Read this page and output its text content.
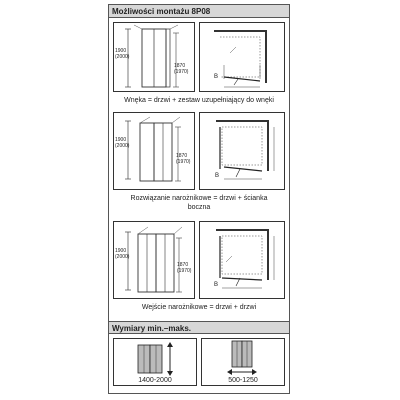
Możliwości montażu 8P08
1900
(2000)
1870
(1970)
B
Wnęka = drzwi + zestaw uzupełniający do wnęki
1900
(2000)
1870
(1970)
B
Rozwiązanie narożnikowe = drzwi + ścianka
boczna
1900
(2000)
1870
(1970)
B
Wejście narożnikowe = drzwi + drzwi
Wymiary min.–maks.
1400-2000	500-1250
